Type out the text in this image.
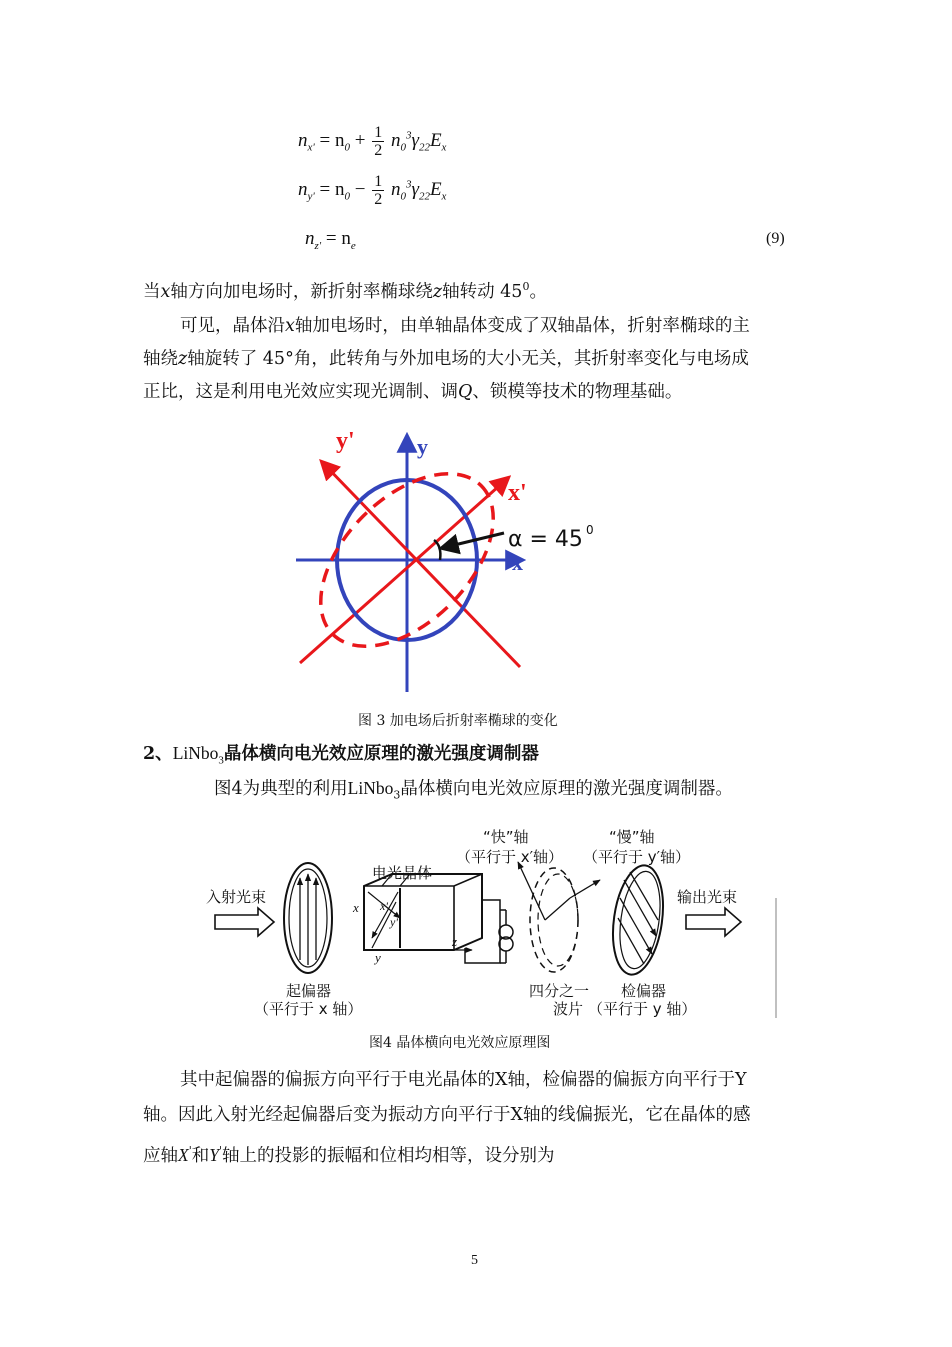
$n_{x'} = n_0 + \frac{1}{2} n_0^3\gamma_{22}E_x$
$n_{y'} = n_0 - \frac{1}{2} n_0^3\gamma_{22}E_x$
$n_{z'} = n_e$	(9)
当x轴方向加电场时，新折射率椭球绕z轴转动 $45^0$。
可见，晶体沿x轴加电场时，由单轴晶体变成了双轴晶体，折射率椭球的主
轴绕z轴旋转了 45°角，此转角与外加电场的大小无关，其折射率变化与电场成
正比，这是利用电光效应实现光调制、调Q、锁模等技术的物理基础。
y'	y
x'
x
α = 45 0
图 3 加电场后折射率椭球的变化
2、LiNbo$_3$晶体横向电光效应原理的激光强度调制器
图4为典型的利用LiNbo$_3$晶体横向电光效应原理的激光强度调制器。
x x'
y'
y
z
入射光束	输出光束
电光晶体
“快”轴
（平行于 x′轴）
“慢”轴
（平行于 y′轴）
起偏器
（平行于 x 轴）
四分之一
波片
检偏器
（平行于 y 轴）
图4 晶体横向电光效应原理图
其中起偏器的偏振方向平行于电光晶体的X轴，检偏器的偏振方向平行于Y
轴。因此入射光经起偏器后变为振动方向平行于X轴的线偏振光，它在晶体的感
应轴X'和Y'轴上的投影的振幅和位相均相等，设分别为
5
